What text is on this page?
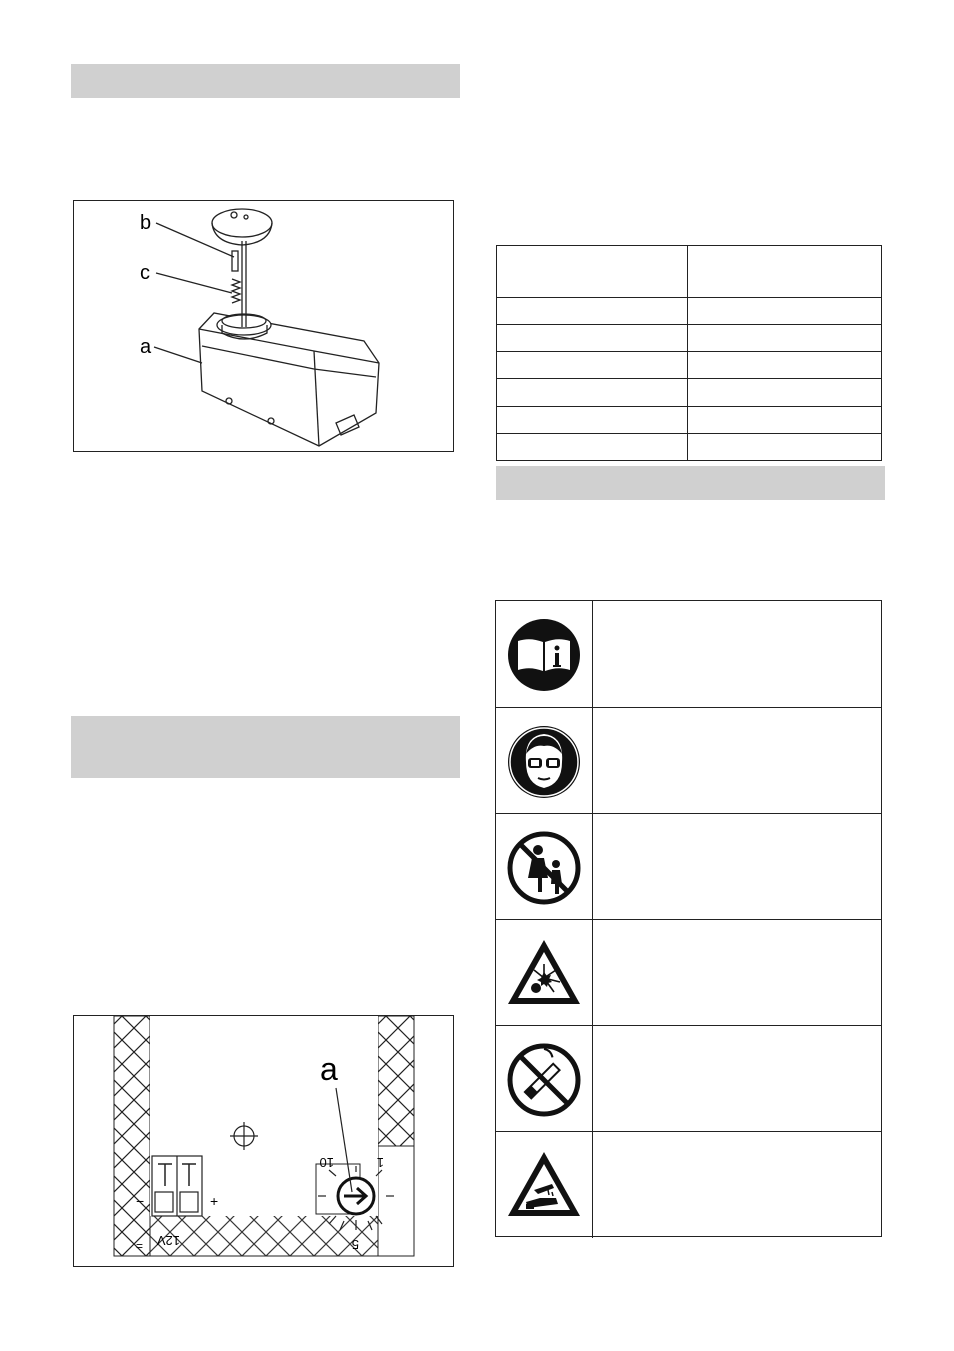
b
c
a
a
10	1
5
+
−
= 12V
